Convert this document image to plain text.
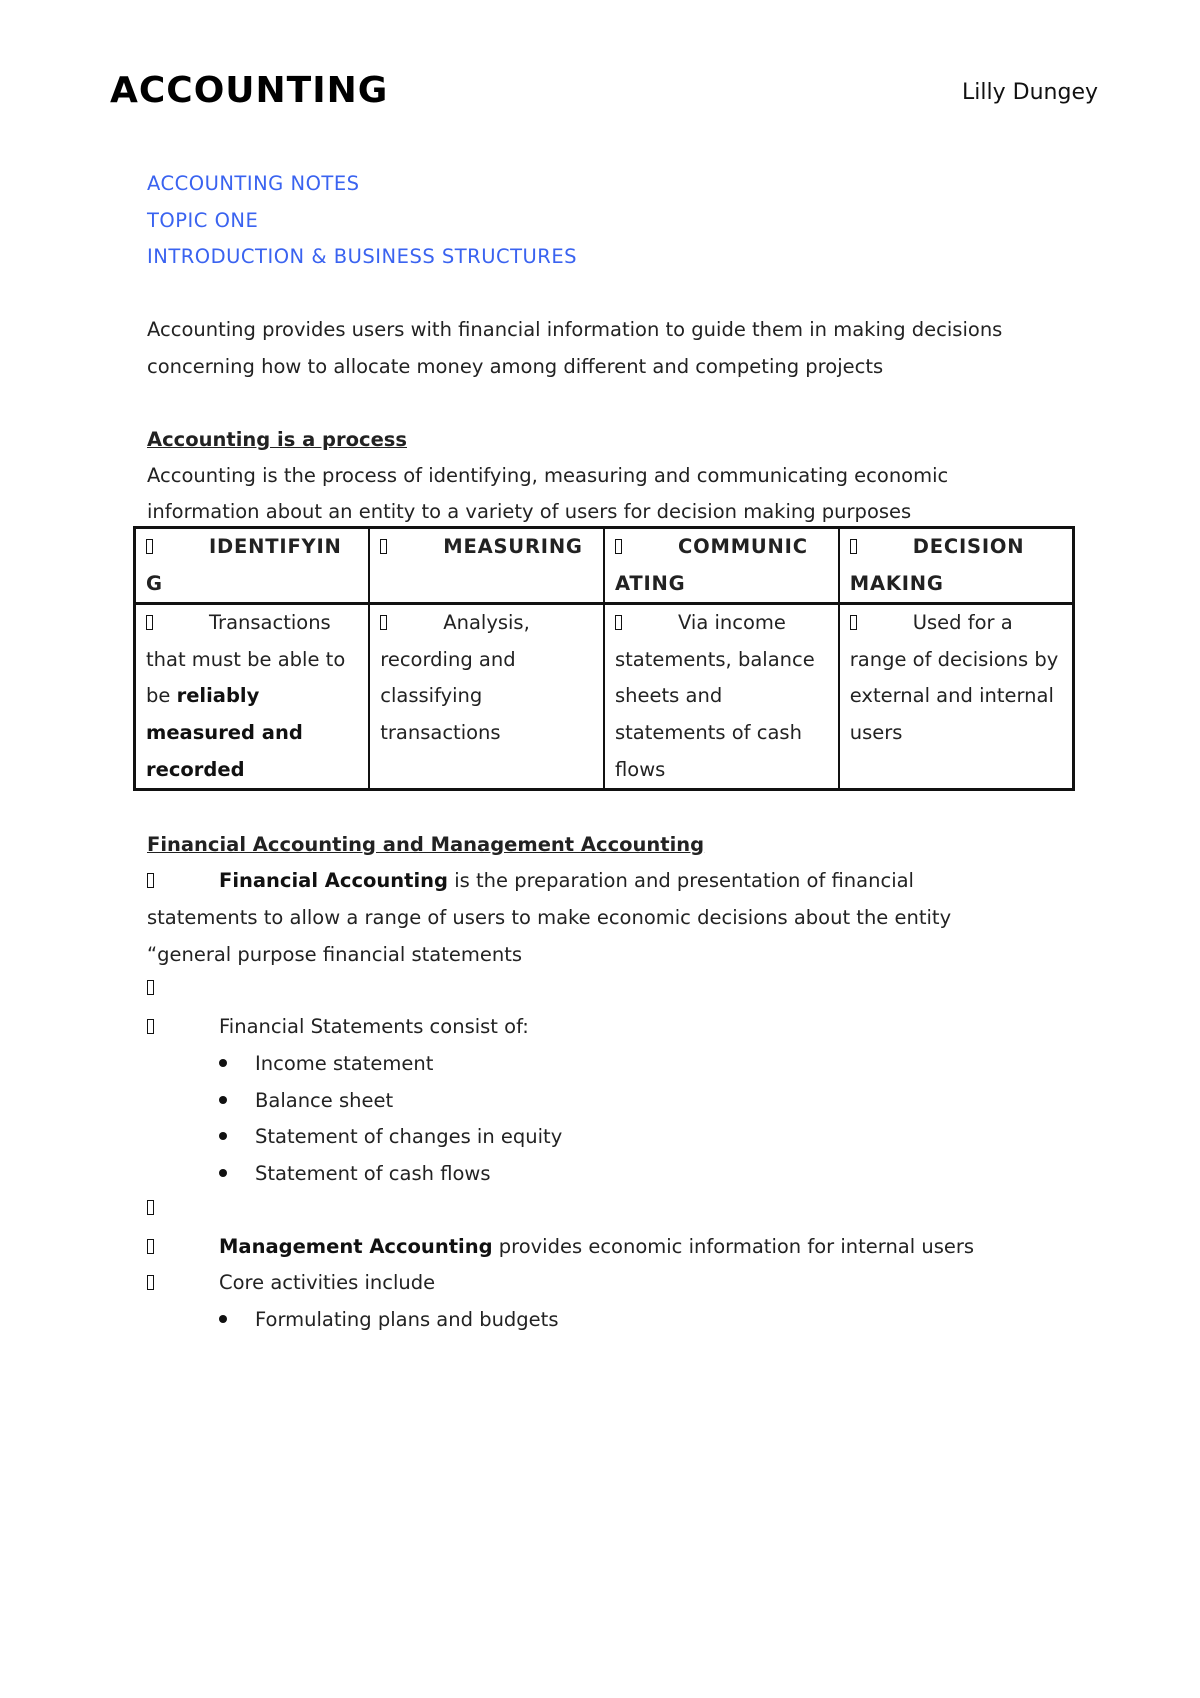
ACCOUNTING	Lilly Dungey
ACCOUNTING NOTES
TOPIC ONE
INTRODUCTION & BUSINESS STRUCTURES
Accounting provides users with financial information to guide them in making decisions
concerning how to allocate money among different and competing projects
Accounting is a process
Accounting is the process of identifying, measuring and communicating economic
information about an entity to a variety of users for decision making purposes
IDENTIFYIN G	MEASURING	COMMUNIC ATING	DECISION MAKING
Transactions that must be able to be reliably measured and recorded	Analysis, recording and classifying transactions	Via income statements, balance sheets and statements of cash flows	Used for a range of decisions by external and internal users
Financial Accounting and Management Accounting
Financial Accounting is the preparation and presentation of financial
statements to allow a range of users to make economic decisions about the entity
“general purpose financial statements
Financial Statements consist of:
Income statement
Balance sheet
Statement of changes in equity
Statement of cash flows
Management Accounting provides economic information for internal users
Core activities include
Formulating plans and budgets
